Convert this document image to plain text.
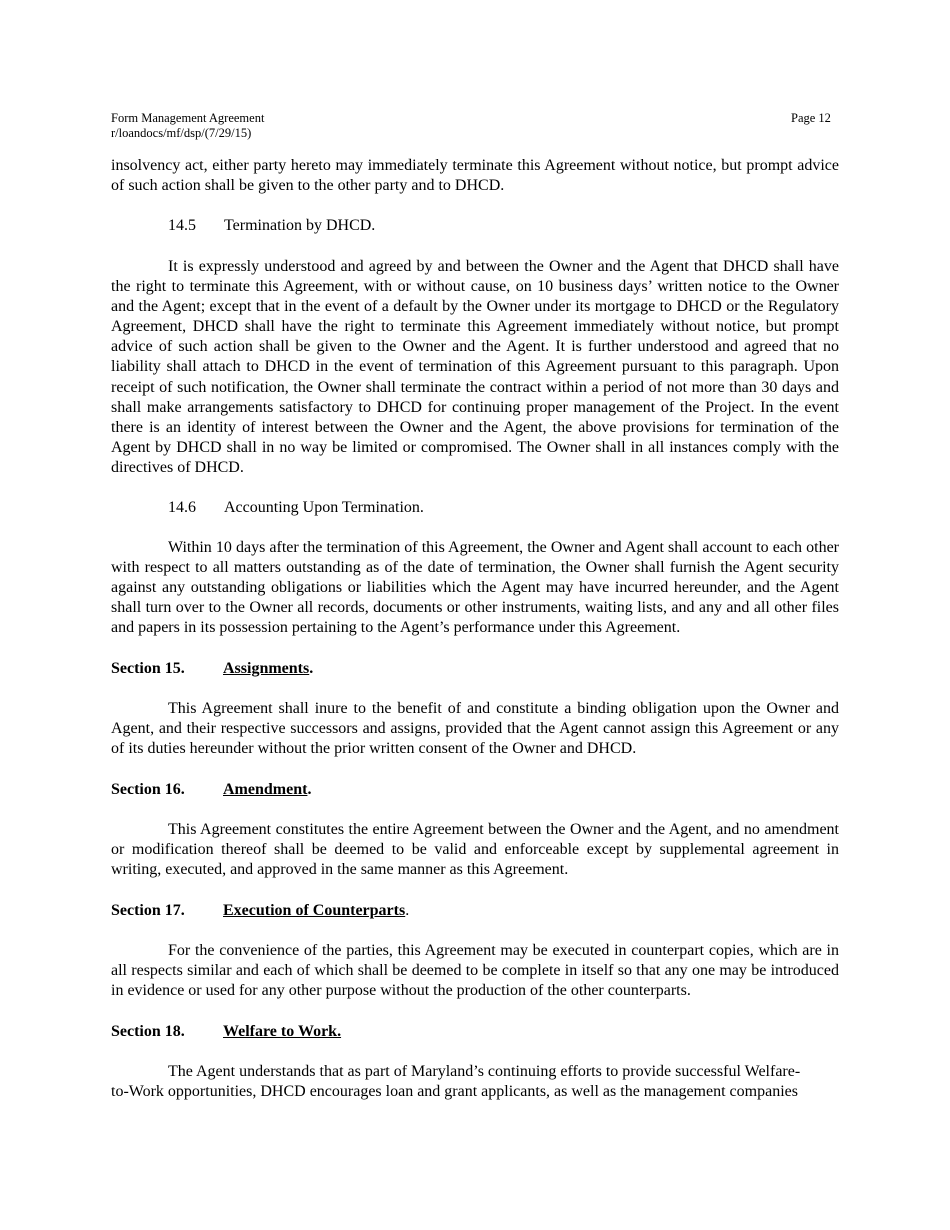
Form Management Agreement
r/loandocs/mf/dsp/(7/29/15)
Page 12

insolvency act, either party hereto may immediately terminate this Agreement without notice, but prompt advice of such action shall be given to the other party and to DHCD.

14.5 Termination by DHCD.

It is expressly understood and agreed by and between the Owner and the Agent that DHCD shall have the right to terminate this Agreement, with or without cause, on 10 business days’ written notice to the Owner and the Agent; except that in the event of a default by the Owner under its mortgage to DHCD or the Regulatory Agreement, DHCD shall have the right to terminate this Agreement immediately without notice, but prompt advice of such action shall be given to the Owner and the Agent. It is further understood and agreed that no liability shall attach to DHCD in the event of termination of this Agreement pursuant to this paragraph. Upon receipt of such notification, the Owner shall terminate the contract within a period of not more than 30 days and shall make arrangements satisfactory to DHCD for continuing proper management of the Project. In the event there is an identity of interest between the Owner and the Agent, the above provisions for termination of the Agent by DHCD shall in no way be limited or compromised. The Owner shall in all instances comply with the directives of DHCD.

14.6 Accounting Upon Termination.

Within 10 days after the termination of this Agreement, the Owner and Agent shall account to each other with respect to all matters outstanding as of the date of termination, the Owner shall furnish the Agent security against any outstanding obligations or liabilities which the Agent may have incurred hereunder, and the Agent shall turn over to the Owner all records, documents or other instruments, waiting lists, and any and all other files and papers in its possession pertaining to the Agent’s performance under this Agreement.

Section 15. Assignments.

This Agreement shall inure to the benefit of and constitute a binding obligation upon the Owner and Agent, and their respective successors and assigns, provided that the Agent cannot assign this Agreement or any of its duties hereunder without the prior written consent of the Owner and DHCD.

Section 16. Amendment.

This Agreement constitutes the entire Agreement between the Owner and the Agent, and no amendment or modification thereof shall be deemed to be valid and enforceable except by supplemental agreement in writing, executed, and approved in the same manner as this Agreement.

Section 17. Execution of Counterparts.

For the convenience of the parties, this Agreement may be executed in counterpart copies, which are in all respects similar and each of which shall be deemed to be complete in itself so that any one may be introduced in evidence or used for any other purpose without the production of the other counterparts.

Section 18. Welfare to Work.
The Agent understands that as part of Maryland’s continuing efforts to provide successful Welfare-
to-Work opportunities, DHCD encourages loan and grant applicants, as well as the management companies
